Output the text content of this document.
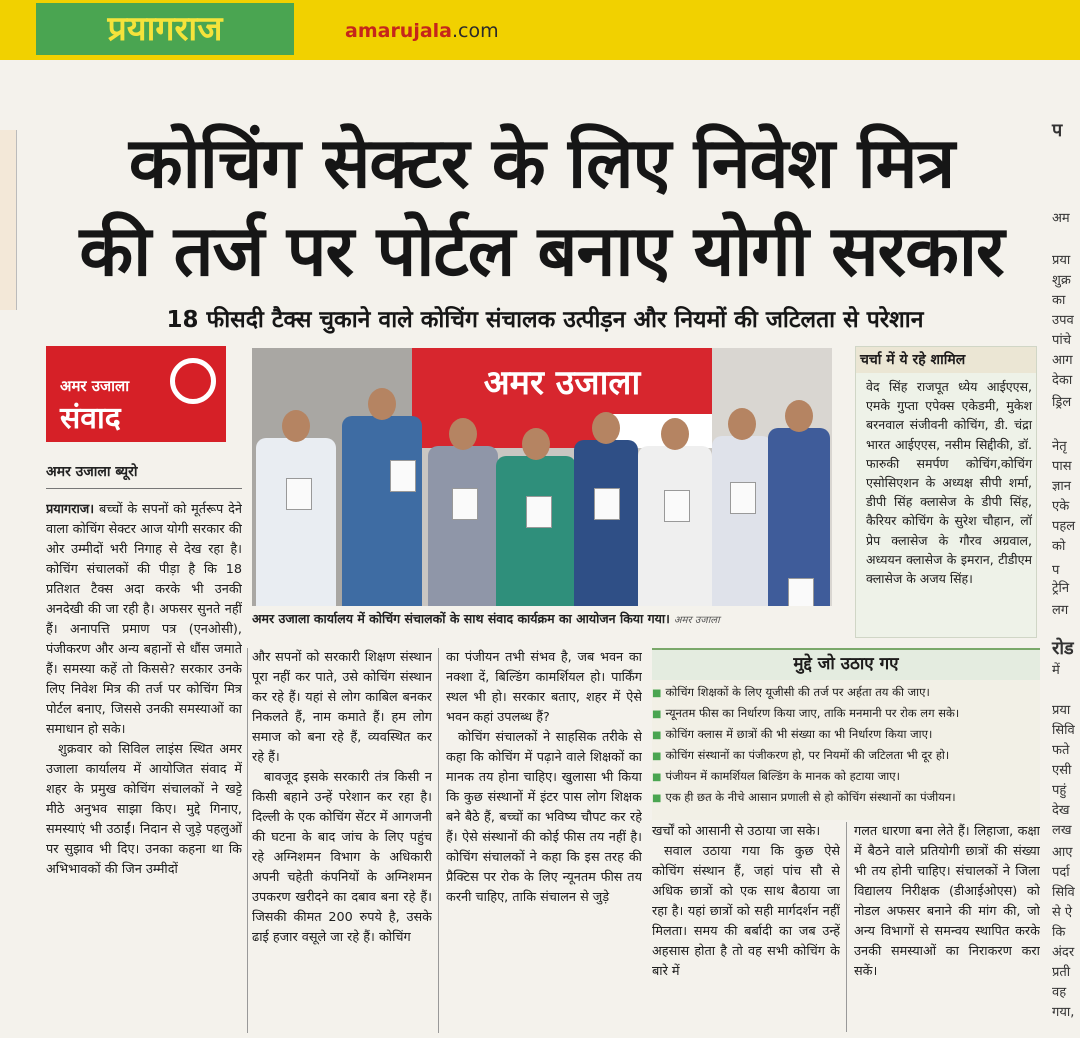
प्रयागराज	amarujala.com
कोचिंग सेक्टर के लिए निवेश मित्र
की तर्ज पर पोर्टल बनाए योगी सरकार
18 फीसदी टैक्स चुकाने वाले कोचिंग संचालक उत्पीड़न और नियमों की जटिलता से परेशान
प
अम
प्रया
शुक्र
का
उपव
पांचे
आग
देका
ड्रिल
नेतृ
पास
ज्ञान
एके
पहल
को
प
ट्रेनि
लग
रोड
में
प्रया
सिवि
फते
एसी
पहुं
देख
लख
आए
पर्दा
सिवि
से ऐ
कि
अंदर
प्रती
वह
गया,
अमर उजाला
संवाद
अमर उजाला ब्यूरो
अमर उजाला
अमर उजाला कार्यालय में कोचिंग संचालकों के साथ संवाद कार्यक्रम का आयोजन किया गया। अमर उजाला
चर्चा में ये रहे शामिल
वेद सिंह राजपूत ध्येय आईएएस, एमके गुप्ता एपेक्स एकेडमी, मुकेश बरनवाल संजीवनी कोचिंग, डी. चंद्रा भारत आईएएस, नसीम सिद्दीकी, डॉ. फारुकी समर्पण कोचिंग,कोचिंग एसोसिएशन के अध्यक्ष सीपी शर्मा, डीपी सिंह क्लासेज के डीपी सिंह, कैरियर कोचिंग के सुरेश चौहान, लॉ प्रेप क्लासेज के गौरव अग्रवाल, अध्ययन क्लासेज के इमरान, टीडीएम क्लासेज के अजय सिंह।
मुद्दे जो उठाए गए
■ कोचिंग शिक्षकों के लिए यूजीसी की तर्ज पर अर्हता तय की जाए।
■ न्यूनतम फीस का निर्धारण किया जाए, ताकि मनमानी पर रोक लग सके।
■ कोचिंग क्लास में छात्रों की भी संख्या का भी निर्धारण किया जाए।
■ कोचिंग संस्थानों का पंजीकरण हो, पर नियमों की जटिलता भी दूर हो।
■ पंजीयन में कामर्शियल बिल्डिंग के मानक को हटाया जाए।
■ एक ही छत के नीचे आसान प्रणाली से हो कोचिंग संस्थानों का पंजीयन।

प्रयागराज। बच्चों के सपनों को मूर्तरूप देने वाला कोचिंग सेक्टर आज योगी सरकार की ओर उम्मीदों भरी निगाह से देख रहा है। कोचिंग संचालकों की पीड़ा है कि 18 प्रतिशत टैक्स अदा करके भी उनकी अनदेखी की जा रही है। अफसर सुनते नहीं हैं। अनापत्ति प्रमाण पत्र (एनओसी), पंजीकरण और अन्य बहानों से धौंस जमाते हैं। समस्या कहें तो किससे? सरकार उनके लिए निवेश मित्र की तर्ज पर कोचिंग मित्र पोर्टल बनाए, जिससे उनकी समस्याओं का समाधान हो सके।

शुक्रवार को सिविल लाइंस स्थित अमर उजाला कार्यालय में आयोजित संवाद में शहर के प्रमुख कोचिंग संचालकों ने खट्टे मीठे अनुभव साझा किए। मुद्दे गिनाए, समस्याएं भी उठाईं। निदान से जुड़े पहलुओं पर सुझाव भी दिए। उनका कहना था कि अभिभावकों की जिन उम्मीदों

और सपनों को सरकारी शिक्षण संस्थान पूरा नहीं कर पाते, उसे कोचिंग संस्थान कर रहे हैं। यहां से लोग काबिल बनकर निकलते हैं, नाम कमाते हैं। हम लोग समाज को बना रहे हैं, व्यवस्थित कर रहे हैं।

बावजूद इसके सरकारी तंत्र किसी न किसी बहाने उन्हें परेशान कर रहा है। दिल्ली के एक कोचिंग सेंटर में आगजनी की घटना के बाद जांच के लिए पहुंच रहे अग्निशमन विभाग के अधिकारी अपनी चहेती कंपनियों के अग्निशमन उपकरण खरीदने का दबाव बना रहे हैं। जिसकी कीमत 200 रुपये है, उसके ढाई हजार वसूले जा रहे हैं। कोचिंग

का पंजीयन तभी संभव है, जब भवन का नक्शा दें, बिल्डिंग कामर्शियल हो। पार्किंग स्थल भी हो। सरकार बताए, शहर में ऐसे भवन कहां उपलब्ध हैं?

कोचिंग संचालकों ने साहसिक तरीके से कहा कि कोचिंग में पढ़ाने वाले शिक्षकों का मानक तय होना चाहिए। खुलासा भी किया कि कुछ संस्थानों में इंटर पास लोग शिक्षक बने बैठे हैं, बच्चों का भविष्य चौपट कर रहे हैं। ऐसे संस्थानों की कोई फीस तय नहीं है। कोचिंग संचालकों ने कहा कि इस तरह की प्रैक्टिस पर रोक के लिए न्यूनतम फीस तय करनी चाहिए, ताकि संचालन से जुड़े

खर्चों को आसानी से उठाया जा सके।

सवाल उठाया गया कि कुछ ऐसे कोचिंग संस्थान हैं, जहां पांच सौ से अधिक छात्रों को एक साथ बैठाया जा रहा है। यहां छात्रों को सही मार्गदर्शन नहीं मिलता। समय की बर्बादी का जब उन्हें अहसास होता है तो वह सभी कोचिंग के बारे में

गलत धारणा बना लेते हैं। लिहाजा, कक्षा में बैठने वाले प्रतियोगी छात्रों की संख्या भी तय होनी चाहिए। संचालकों ने जिला विद्यालय निरीक्षक (डीआईओएस) को नोडल अफसर बनाने की मांग की, जो अन्य विभागों से समन्वय स्थापित करके उनकी समस्याओं का निराकरण करा सकें।
